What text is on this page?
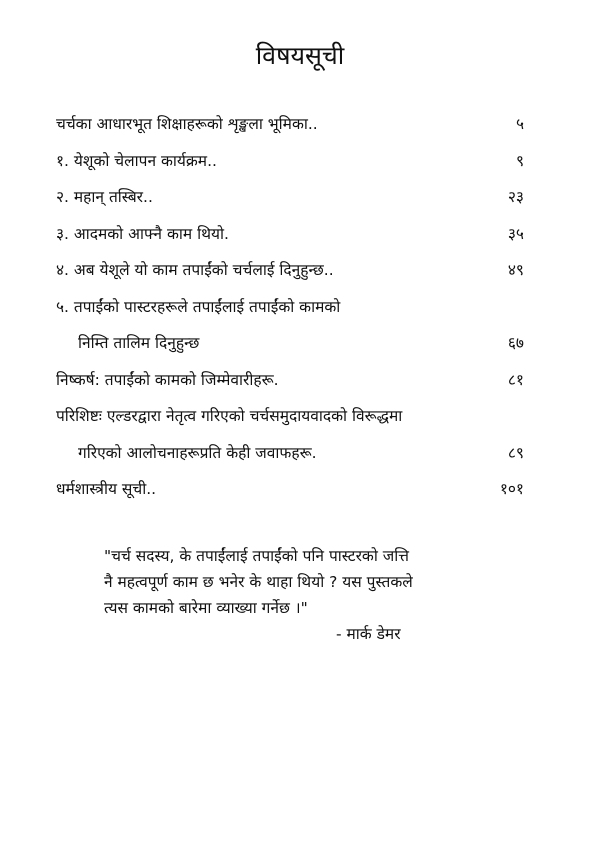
विषयसूची
चर्चका आधारभूत शिक्षाहरूको शृङ्खला भूमिका..	५
१. येशूको चेलापन कार्यक्रम..	९
२. महान् तस्बिर..	२३
३. आदमको आफ्नै काम थियो.	३५
४. अब येशूले यो काम तपाईंको चर्चलाई दिनुहुन्छ..	४९
५. तपाईंको पास्टरहरूले तपाईंलाई तपाईंको कामको
निम्ति तालिम दिनुहुन्छ	६७
निष्कर्ष: तपाईंको कामको जिम्मेवारीहरू.	८१
परिशिष्टः एल्डरद्वारा नेतृत्व गरिएको चर्चसमुदायवादको विरूद्धमा
गरिएको आलोचनाहरूप्रति केही जवाफहरू.	८९
धर्मशास्त्रीय सूची..	१०१
"चर्च सदस्य, के तपाईंलाई तपाईंको पनि पास्टरको जत्ति
नै महत्वपूर्ण काम छ भनेर के थाहा थियो ? यस पुस्तकले
त्यस कामको बारेमा व्याख्या गर्नेछ ।"
- मार्क डेमर
